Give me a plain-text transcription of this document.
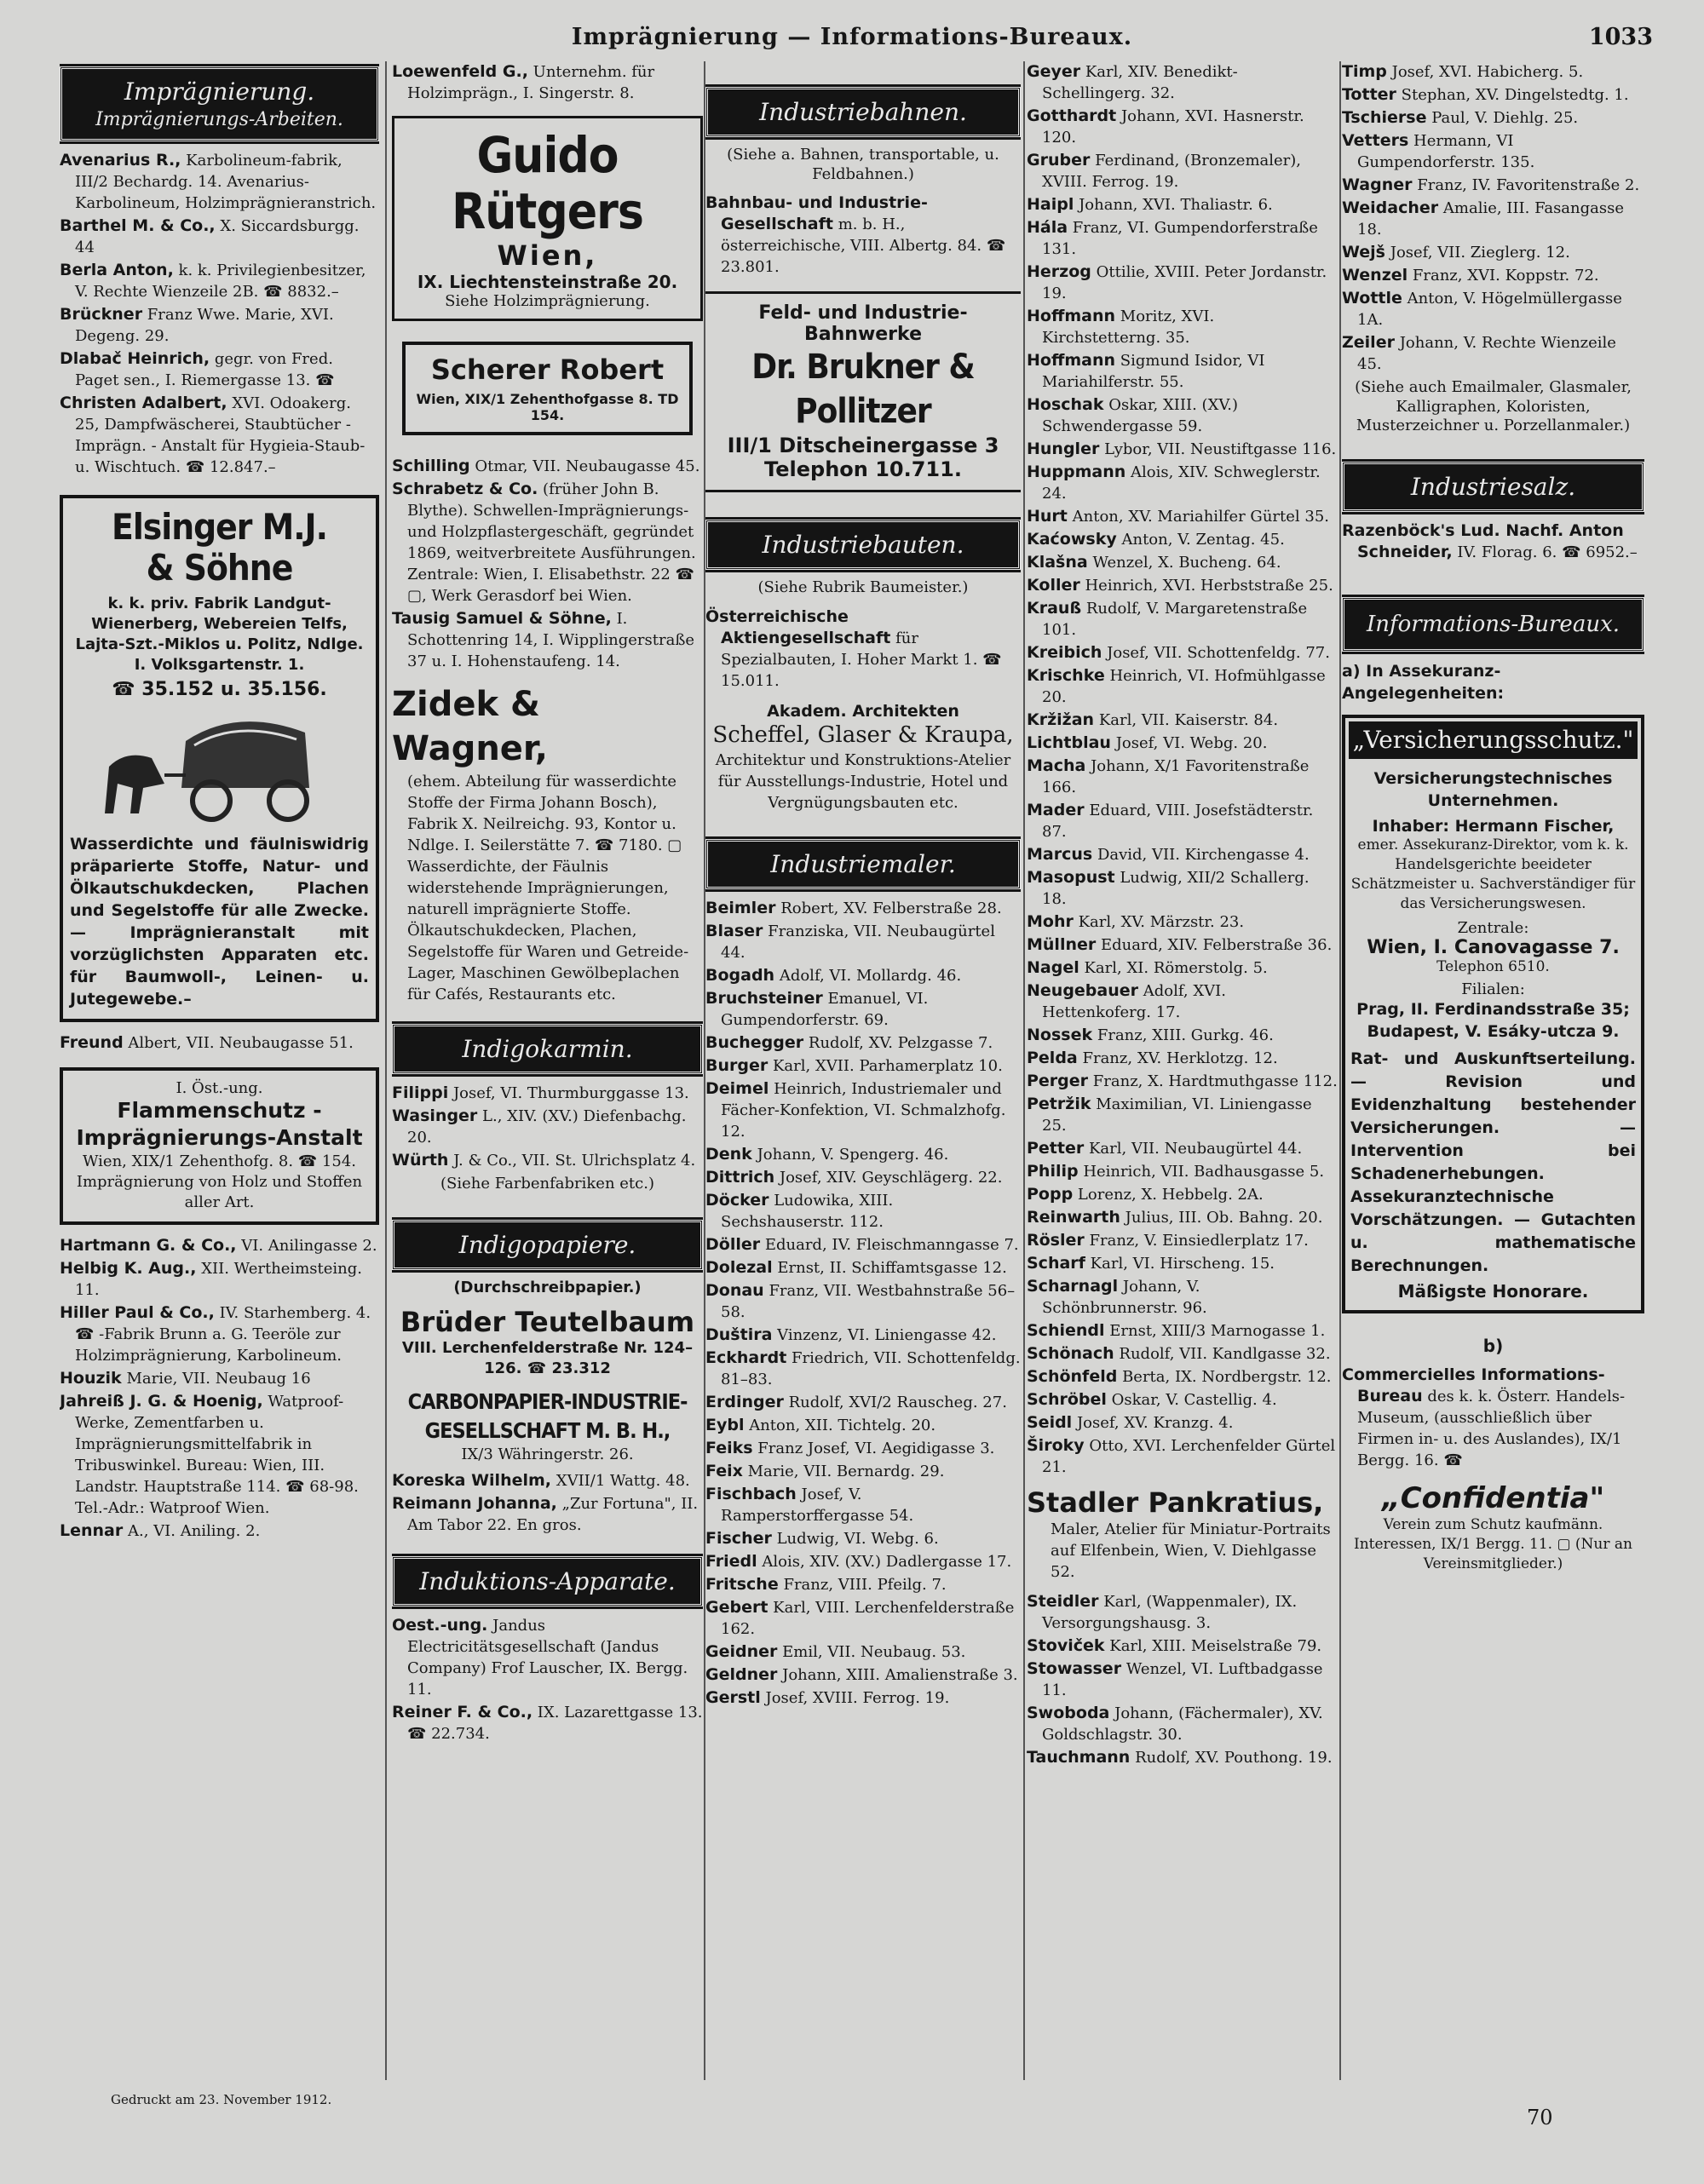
Imprägnierung — Informations-Bureaux.	1033
Imprägnierung.
Imprägnierungs-Arbeiten.
Avenarius R., Karbolineum-fabrik, III/2 Bechardg. 14. Avenarius-Karbolineum, Holzimprägnieranstrich.
Barthel M. & Co., X. Siccardsburgg. 44
Berla Anton, k. k. Privilegienbesitzer, V. Rechte Wienzeile 2B. ☎ 8832.–
Brückner Franz Wwe. Marie, XVI. Degeng. 29.
Dlabač Heinrich, gegr. von Fred. Paget sen., I. Riemergasse 13. ☎
Christen Adalbert, XVI. Odoakerg. 25, Dampfwäscherei, Staubtücher - Imprägn. - Anstalt für Hygieia-Staub- u. Wischtuch. ☎ 12.847.–
Elsinger M.J.
& Söhne
k. k. priv. Fabrik Landgut-Wienerberg, Webereien Telfs, Lajta-Szt.-Miklos u. Politz, Ndlge. I. Volksgartenstr. 1.
☎ 35.152 u. 35.156.
Wasserdichte und fäulniswidrig präparierte Stoffe, Natur- und Ölkautschukdecken, Plachen und Segelstoffe für alle Zwecke. — Imprägnieranstalt mit vorzüglichsten Apparaten etc. für Baumwoll-, Leinen- u. Jutegewebe.–
Freund Albert, VII. Neubaugasse 51.
I. Öst.-ung.
Flammenschutz - Imprägnierungs-Anstalt
Wien, XIX/1 Zehenthofg. 8. ☎ 154. Imprägnierung von Holz und Stoffen aller Art.
Hartmann G. & Co., VI. Anilingasse 2.
Helbig K. Aug., XII. Wertheimsteing. 11.
Hiller Paul & Co., IV. Starhemberg. 4. ☎ -Fabrik Brunn a. G. Teeröle zur Holzimprägnierung, Karbolineum.
Houzik Marie, VII. Neubaug 16
Jahreiß J. G. & Hoenig, Watproof-Werke, Zementfarben u. Imprägnierungsmittelfabrik in Tribuswinkel. Bureau: Wien, III. Landstr. Hauptstraße 114. ☎ 68-98. Tel.-Adr.: Watproof Wien.
Lennar A., VI. Aniling. 2.
Loewenfeld G., Unternehm. für Holzimprägn., I. Singerstr. 8.
Guido Rütgers
Wien,
IX. Liechtensteinstraße 20.
Siehe Holzimprägnierung.
Scherer Robert
Wien, XIX/1 Zehenthofgasse 8. TD 154.
Schilling Otmar, VII. Neubaugasse 45.
Schrabetz & Co. (früher John B. Blythe). Schwellen-Imprägnierungs- und Holzpflastergeschäft, gegründet 1869, weitverbreitete Ausführungen. Zentrale: Wien, I. Elisabethstr. 22 ☎ ▢, Werk Gerasdorf bei Wien.
Tausig Samuel & Söhne, I. Schottenring 14, I. Wipplingerstraße 37 u. I. Hohenstaufeng. 14.
Zidek & Wagner,
(ehem. Abteilung für wasserdichte Stoffe der Firma Johann Bosch), Fabrik X. Neilreichg. 93, Kontor u. Ndlge. I. Seilerstätte 7. ☎ 7180. ▢ Wasserdichte, der Fäulnis widerstehende Imprägnierungen, naturell imprägnierte Stoffe. Ölkautschukdecken, Plachen, Segelstoffe für Waren und Getreide-Lager, Maschinen Gewölbeplachen für Cafés, Restaurants etc.
Indigokarmin.
Filippi Josef, VI. Thurmburggasse 13.
Wasinger L., XIV. (XV.) Diefenbachg. 20.
Würth J. & Co., VII. St. Ulrichsplatz 4.
(Siehe Farbenfabriken etc.)
Indigopapiere.
(Durchschreibpapier.)
Brüder Teutelbaum
VIII. Lerchenfelderstraße Nr. 124–126. ☎ 23.312
CARBONPAPIER-INDUSTRIE-GESELLSCHAFT M. B. H.,
IX/3 Währingerstr. 26.
Koreska Wilhelm, XVII/1 Wattg. 48.
Reimann Johanna, „Zur Fortuna", II. Am Tabor 22. En gros.
Induktions-Apparate.
Oest.-ung. Jandus Electricitätsgesellschaft (Jandus Company) Frof Lauscher, IX. Bergg. 11.
Reiner F. & Co., IX. Lazarettgasse 13. ☎ 22.734.
Industriebahnen.
(Siehe a. Bahnen, transportable, u. Feldbahnen.)
Bahnbau- und Industrie-Gesellschaft m. b. H., österreichische, VIII. Albertg. 84. ☎ 23.801.
Feld- und Industrie-Bahnwerke
Dr. Brukner & Pollitzer
III/1 Ditscheinergasse 3
Telephon 10.711.
Industriebauten.
(Siehe Rubrik Baumeister.)
Österreichische Aktiengesellschaft für Spezialbauten, I. Hoher Markt 1. ☎ 15.011.
Akadem. Architekten
Scheffel, Glaser & Kraupa,
Architektur und Konstruktions-Atelier für Ausstellungs-Industrie, Hotel und Vergnügungsbauten etc.
Industriemaler.
Beimler Robert, XV. Felberstraße 28.
Blaser Franziska, VII. Neubaugürtel 44.
Bogadh Adolf, VI. Mollardg. 46.
Bruchsteiner Emanuel, VI. Gumpendorferstr. 69.
Buchegger Rudolf, XV. Pelzgasse 7.
Burger Karl, XVII. Parhamerplatz 10.
Deimel Heinrich, Industriemaler und Fächer-Konfektion, VI. Schmalzhofg. 12.
Denk Johann, V. Spengerg. 46.
Dittrich Josef, XIV. Geyschlägerg. 22.
Döcker Ludowika, XIII. Sechshauserstr. 112.
Döller Eduard, IV. Fleischmanngasse 7.
Dolezal Ernst, II. Schiffamtsgasse 12.
Donau Franz, VII. Westbahnstraße 56–58.
Duštira Vinzenz, VI. Liniengasse 42.
Eckhardt Friedrich, VII. Schottenfeldg. 81–83.
Erdinger Rudolf, XVI/2 Rauscheg. 27.
Eybl Anton, XII. Tichtelg. 20.
Feiks Franz Josef, VI. Aegidigasse 3.
Feix Marie, VII. Bernardg. 29.
Fischbach Josef, V. Ramperstorffergasse 54.
Fischer Ludwig, VI. Webg. 6.
Friedl Alois, XIV. (XV.) Dadlergasse 17.
Fritsche Franz, VIII. Pfeilg. 7.
Gebert Karl, VIII. Lerchenfelderstraße 162.
Geidner Emil, VII. Neubaug. 53.
Geldner Johann, XIII. Amalienstraße 3.
Gerstl Josef, XVIII. Ferrog. 19.
Geyer Karl, XIV. Benedikt-Schellingerg. 32.
Gotthardt Johann, XVI. Hasnerstr. 120.
Gruber Ferdinand, (Bronzemaler), XVIII. Ferrog. 19.
Haipl Johann, XVI. Thaliastr. 6.
Hála Franz, VI. Gumpendorferstraße 131.
Herzog Ottilie, XVIII. Peter Jordanstr. 19.
Hoffmann Moritz, XVI. Kirchstetterng. 35.
Hoffmann Sigmund Isidor, VI Mariahilferstr. 55.
Hoschak Oskar, XIII. (XV.) Schwendergasse 59.
Hungler Lybor, VII. Neustiftgasse 116.
Huppmann Alois, XIV. Schweglerstr. 24.
Hurt Anton, XV. Mariahilfer Gürtel 35.
Kaćowsky Anton, V. Zentag. 45.
Klašna Wenzel, X. Bucheng. 64.
Koller Heinrich, XVI. Herbststraße 25.
Krauß Rudolf, V. Margaretenstraße 101.
Kreibich Josef, VII. Schottenfeldg. 77.
Krischke Heinrich, VI. Hofmühlgasse 20.
Kržižan Karl, VII. Kaiserstr. 84.
Lichtblau Josef, VI. Webg. 20.
Macha Johann, X/1 Favoritenstraße 166.
Mader Eduard, VIII. Josefstädterstr. 87.
Marcus David, VII. Kirchengasse 4.
Masopust Ludwig, XII/2 Schallerg. 18.
Mohr Karl, XV. Märzstr. 23.
Müllner Eduard, XIV. Felberstraße 36.
Nagel Karl, XI. Römerstolg. 5.
Neugebauer Adolf, XVI. Hettenkoferg. 17.
Nossek Franz, XIII. Gurkg. 46.
Pelda Franz, XV. Herklotzg. 12.
Perger Franz, X. Hardtmuthgasse 112.
Petržik Maximilian, VI. Liniengasse 25.
Petter Karl, VII. Neubaugürtel 44.
Philip Heinrich, VII. Badhausgasse 5.
Popp Lorenz, X. Hebbelg. 2A.
Reinwarth Julius, III. Ob. Bahng. 20.
Rösler Franz, V. Einsiedlerplatz 17.
Scharf Karl, VI. Hirscheng. 15.
Scharnagl Johann, V. Schönbrunnerstr. 96.
Schiendl Ernst, XIII/3 Marnogasse 1.
Schönach Rudolf, VII. Kandlgasse 32.
Schönfeld Berta, IX. Nordbergstr. 12.
Schröbel Oskar, V. Castellig. 4.
Seidl Josef, XV. Kranzg. 4.
Široky Otto, XVI. Lerchenfelder Gürtel 21.
Stadler Pankratius,
Maler, Atelier für Miniatur-Portraits auf Elfenbein, Wien, V. Diehlgasse 52.
Steidler Karl, (Wappenmaler), IX. Versorgungshausg. 3.
Stoviček Karl, XIII. Meiselstraße 79.
Stowasser Wenzel, VI. Luftbadgasse 11.
Swoboda Johann, (Fächermaler), XV. Goldschlagstr. 30.
Tauchmann Rudolf, XV. Pouthong. 19.
Timp Josef, XVI. Habicherg. 5.
Totter Stephan, XV. Dingelstedtg. 1.
Tschierse Paul, V. Diehlg. 25.
Vetters Hermann, VI Gumpendorferstr. 135.
Wagner Franz, IV. Favoritenstraße 2.
Weidacher Amalie, III. Fasangasse 18.
Wejš Josef, VII. Zieglerg. 12.
Wenzel Franz, XVI. Koppstr. 72.
Wottle Anton, V. Högelmüllergasse 1A.
Zeiler Johann, V. Rechte Wienzeile 45.
(Siehe auch Emailmaler, Glasmaler, Kalligraphen, Koloristen, Musterzeichner u. Porzellanmaler.)
Industriesalz.
Razenböck's Lud. Nachf. Anton Schneider, IV. Florag. 6. ☎ 6952.–
Informations-Bureaux.
a) In Assekuranz-Angelegenheiten:
„Versicherungsschutz."
Versicherungstechnisches Unternehmen.
Inhaber: Hermann Fischer,
emer. Assekuranz-Direktor, vom k. k. Handelsgerichte beeideter Schätzmeister u. Sachverständiger für das Versicherungswesen.
Zentrale:
Wien, I. Canovagasse 7.
Telephon 6510.
Filialen:
Prag, II. Ferdinandsstraße 35; Budapest, V. Esáky-utcza 9.
Rat- und Auskunftserteilung. — Revision und Evidenzhaltung bestehender Versicherungen. — Intervention bei Schadenerhebungen. Assekuranztechnische Vorschätzungen. — Gutachten u. mathematische Berechnungen.
Mäßigste Honorare.
b)
Commercielles Informations-Bureau des k. k. Österr. Handels-Museum, (ausschließlich über Firmen in- u. des Auslandes), IX/1 Bergg. 16. ☎
„Confidentia"
Verein zum Schutz kaufmänn. Interessen, IX/1 Bergg. 11. ▢ (Nur an Vereinsmitglieder.)
Gedruckt am 23. November 1912.
70
